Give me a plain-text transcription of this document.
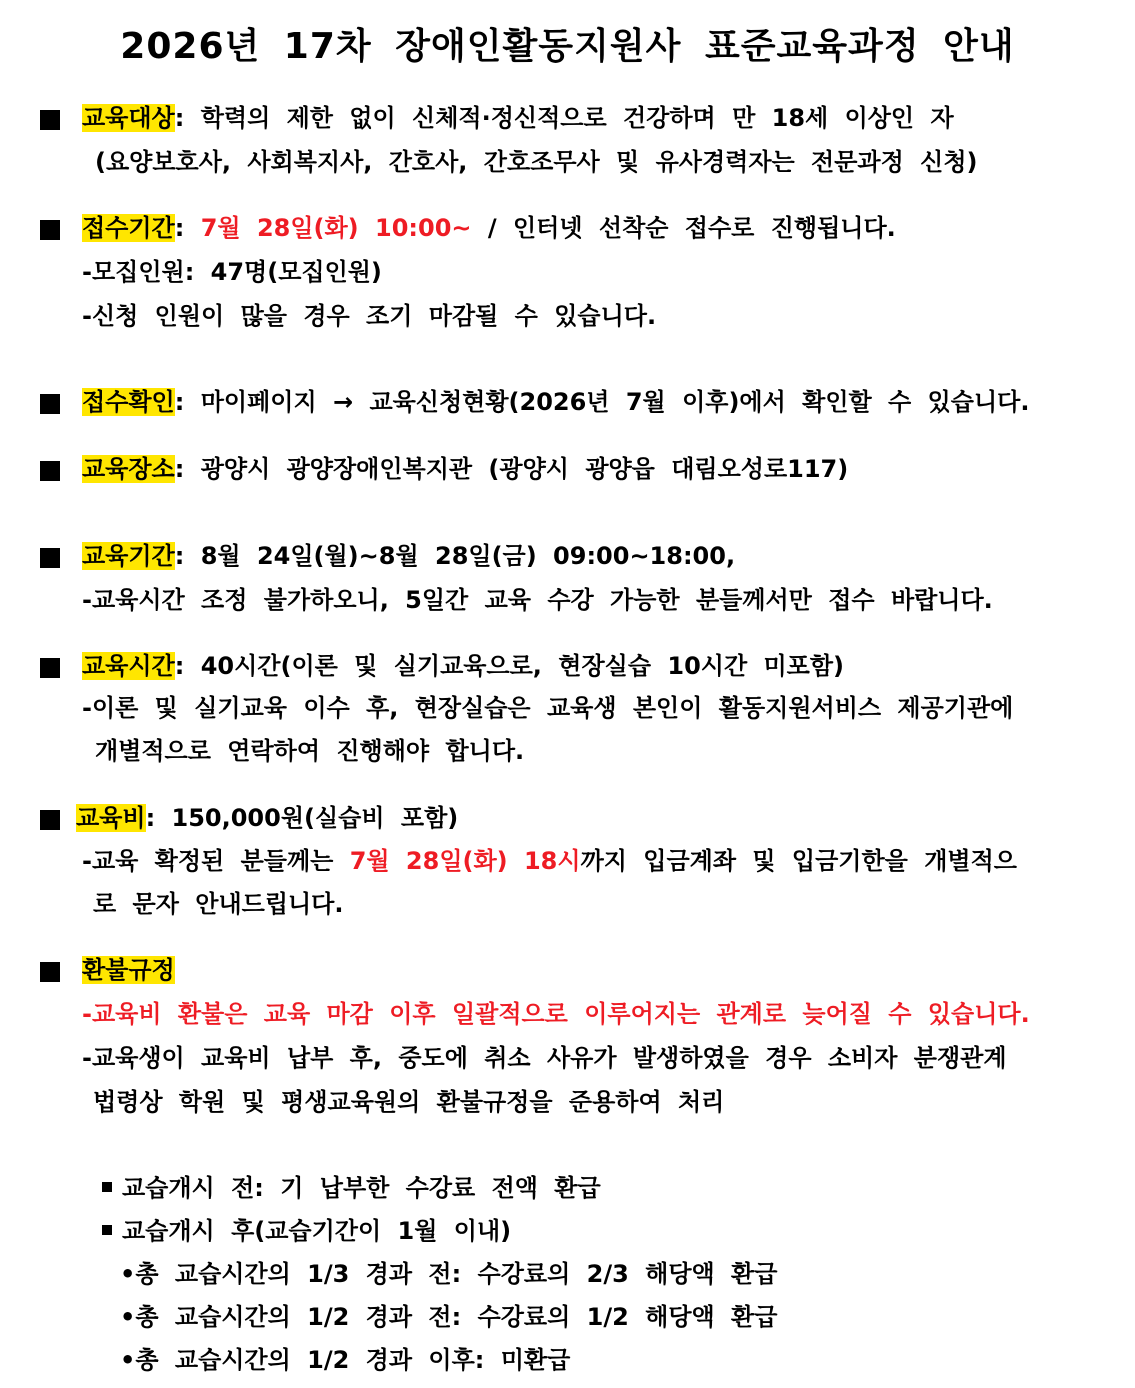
2026년 17차 장애인활동지원사 표준교육과정 안내
교육대상: 학력의 제한 없이 신체적·정신적으로 건강하며 만 18세 이상인 자
(요양보호사, 사회복지사, 간호사, 간호조무사 및 유사경력자는 전문과정 신청)
접수기간: 7월 28일(화) 10:00~ / 인터넷 선착순 접수로 진행됩니다.
-모집인원: 47명(모집인원)
-신청 인원이 많을 경우 조기 마감될 수 있습니다.
접수확인: 마이페이지 → 교육신청현황(2026년 7월 이후)에서 확인할 수 있습니다.
교육장소: 광양시 광양장애인복지관 (광양시 광양읍 대림오성로117)
교육기간: 8월 24일(월)~8월 28일(금) 09:00~18:00,
-교육시간 조정 불가하오니, 5일간 교육 수강 가능한 분들께서만 접수 바랍니다.
교육시간: 40시간(이론 및 실기교육으로, 현장실습 10시간 미포함)
-이론 및 실기교육 이수 후, 현장실습은 교육생 본인이 활동지원서비스 제공기관에
개별적으로 연락하여 진행해야 합니다.
교육비: 150,000원(실습비 포함)
-교육 확정된 분들께는 7월 28일(화) 18시까지 입금계좌 및 입금기한을 개별적으
로 문자 안내드립니다.
환불규정
-교육비 환불은 교육 마감 이후 일괄적으로 이루어지는 관계로 늦어질 수 있습니다.
-교육생이 교육비 납부 후, 중도에 취소 사유가 발생하였을 경우 소비자 분쟁관계
법령상 학원 및 평생교육원의 환불규정을 준용하여 처리
교습개시 전: 기 납부한 수강료 전액 환급
교습개시 후(교습기간이 1월 이내)
•총 교습시간의 1/3 경과 전: 수강료의 2/3 해당액 환급
•총 교습시간의 1/2 경과 전: 수강료의 1/2 해당액 환급
•총 교습시간의 1/2 경과 이후: 미환급
